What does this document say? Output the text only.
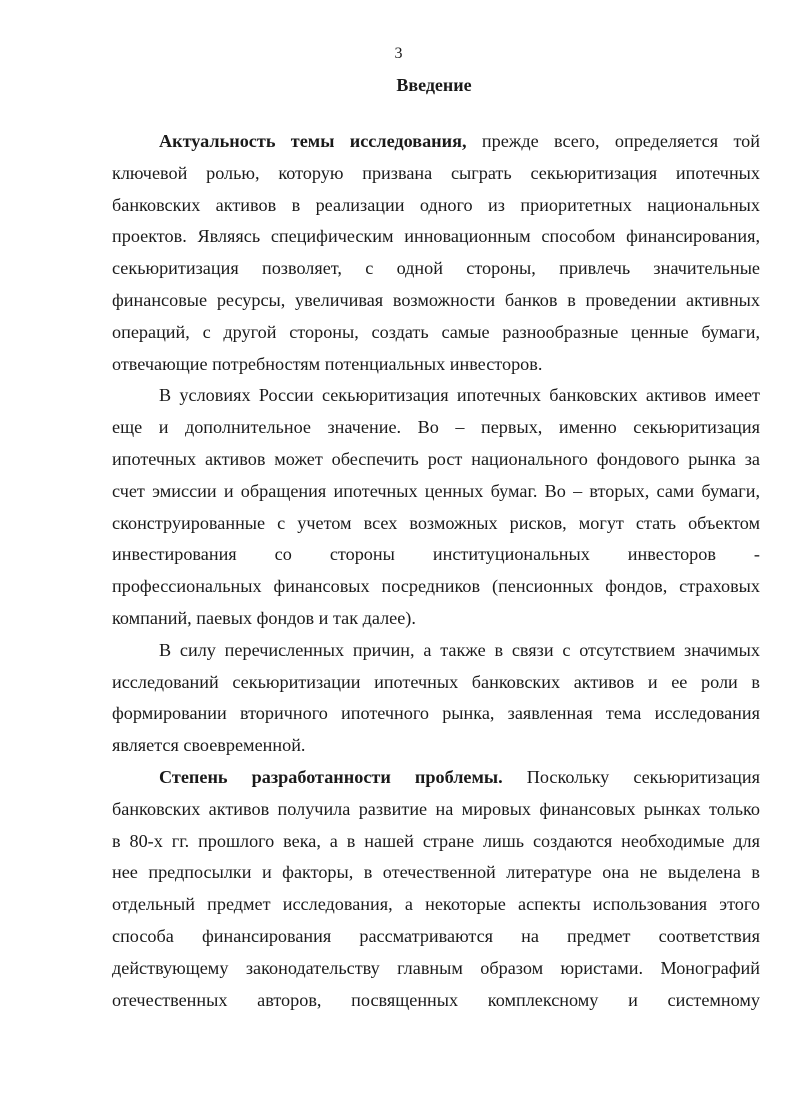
3
Введение
Актуальность темы исследования, прежде всего, определяется той
ключевой ролью, которую призвана сыграть секьюритизация ипотечных
банковских активов в реализации одного из приоритетных национальных
проектов. Являясь специфическим инновационным способом финансирования,
секьюритизация позволяет, с одной стороны, привлечь значительные
финансовые ресурсы, увеличивая возможности банков в проведении активных
операций, с другой стороны, создать самые разнообразные ценные бумаги,
отвечающие потребностям потенциальных инвесторов.
В условиях России секьюритизация ипотечных банковских активов имеет
еще и дополнительное значение. Во – первых, именно секьюритизация
ипотечных активов может обеспечить рост национального фондового рынка за
счет эмиссии и обращения ипотечных ценных бумаг. Во – вторых, сами бумаги,
сконструированные с учетом всех возможных рисков, могут стать объектом
инвестирования со стороны институциональных инвесторов -
профессиональных финансовых посредников (пенсионных фондов, страховых
компаний, паевых фондов и так далее).
В силу перечисленных причин, а также в связи с отсутствием значимых
исследований секьюритизации ипотечных банковских активов и ее роли в
формировании вторичного ипотечного рынка, заявленная тема исследования
является своевременной.
Степень разработанности проблемы. Поскольку секьюритизация
банковских активов получила развитие на мировых финансовых рынках только
в 80-х гг. прошлого века, а в нашей стране лишь создаются необходимые для
нее предпосылки и факторы, в отечественной литературе она не выделена в
отдельный предмет исследования, а некоторые аспекты использования этого
способа финансирования рассматриваются на предмет соответствия
действующему законодательству главным образом юристами. Монографий
отечественных авторов, посвященных комплексному и системному
